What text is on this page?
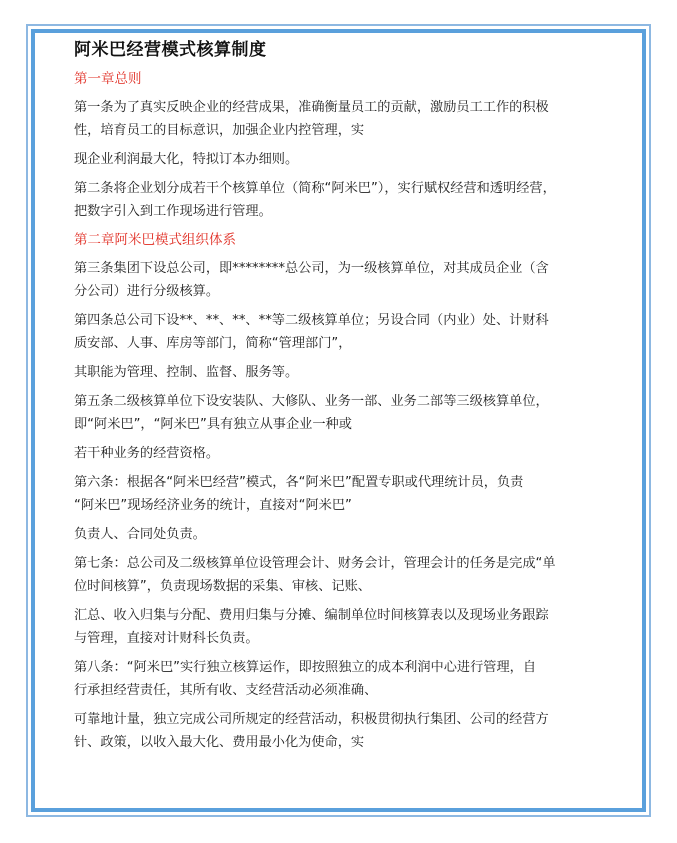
阿米巴经营模式核算制度
第一章总则
第一条为了真实反映企业的经营成果，准确衡量员工的贡献，激励员工工作的积极
性，培育员工的目标意识，加强企业内控管理，实
现企业利润最大化，特拟订本办细则。
第二条将企业划分成若干个核算单位（简称“阿米巴”），实行赋权经营和透明经营，
把数字引入到工作现场进行管理。
第二章阿米巴模式组织体系
第三条集团下设总公司，即********总公司，为一级核算单位，对其成员企业（含
分公司）进行分级核算。
第四条总公司下设**、**、**、**等二级核算单位；另设合同（内业）处、计财科
质安部、人事、库房等部门，简称“管理部门”，
其职能为管理、控制、监督、服务等。
第五条二级核算单位下设安装队、大修队、业务一部、业务二部等三级核算单位，
即“阿米巴”，“阿米巴”具有独立从事企业一种或
若干种业务的经营资格。
第六条：根据各“阿米巴经营”模式，各“阿米巴”配置专职或代理统计员，负责
“阿米巴”现场经济业务的统计，直接对“阿米巴”
负责人、合同处负责。
第七条：总公司及二级核算单位设管理会计、财务会计，管理会计的任务是完成“单
位时间核算”，负责现场数据的采集、审核、记账、
汇总、收入归集与分配、费用归集与分摊、编制单位时间核算表以及现场业务跟踪
与管理，直接对计财科长负责。
第八条：“阿米巴”实行独立核算运作，即按照独立的成本利润中心进行管理，自
行承担经营责任，其所有收、支经营活动必须准确、
可靠地计量，独立完成公司所规定的经营活动，积极贯彻执行集团、公司的经营方
针、政策，以收入最大化、费用最小化为使命，实
